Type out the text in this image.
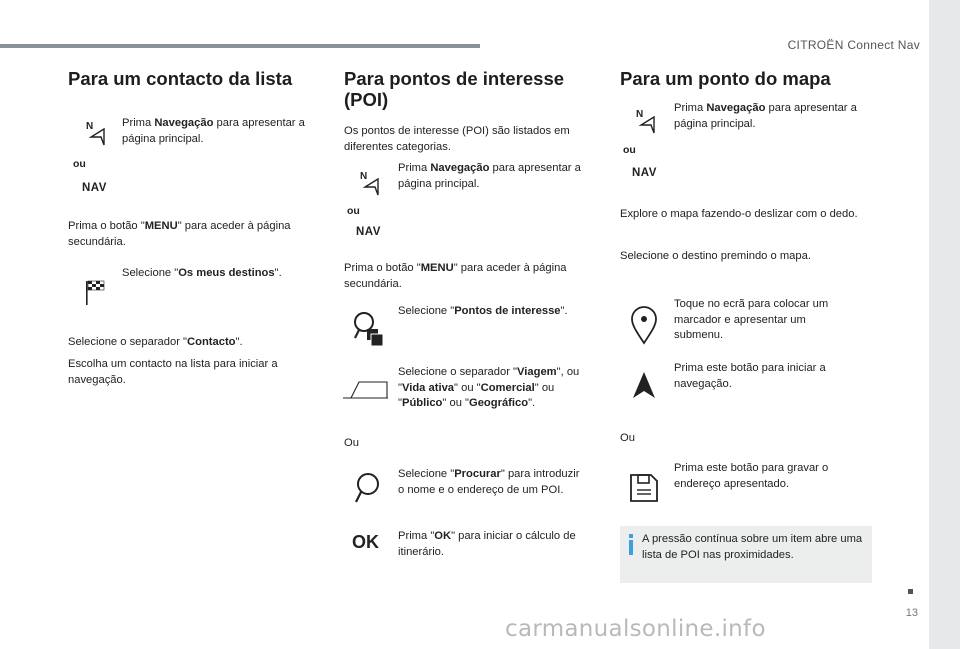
CITROËN Connect Nav
13
carmanualsonline.info
Para um contacto da lista
N
ou
NAV
Prima Navegação para apresentar a página principal.
Prima o botão "MENU" para aceder à página secundária.
Selecione "Os meus destinos".
Selecione o separador "Contacto".
Escolha um contacto na lista para iniciar a navegação.
Para pontos de interesse
(POI)
Os pontos de interesse (POI) são listados em diferentes categorias.
N
ou
NAV
Prima Navegação para apresentar a página principal.
Prima o botão "MENU" para aceder à página secundária.
Selecione "Pontos de interesse".
Selecione o separador "Viagem", ou "Vida ativa" ou "Comercial" ou "Público" ou "Geográfico".
Ou
Selecione "Procurar" para introduzir o nome e o endereço de um POI.
OK Prima "OK" para iniciar o cálculo de itinerário.
Para um ponto do mapa
N
ou
NAV
Prima Navegação para apresentar a página principal.
Explore o mapa fazendo-o deslizar com o dedo.
Selecione o destino premindo o mapa.
Toque no ecrã para colocar um marcador e apresentar um submenu.
Prima este botão para iniciar a navegação.
Ou
Prima este botão para gravar o endereço apresentado.
A pressão contínua sobre um item abre uma lista de POI nas proximidades.
